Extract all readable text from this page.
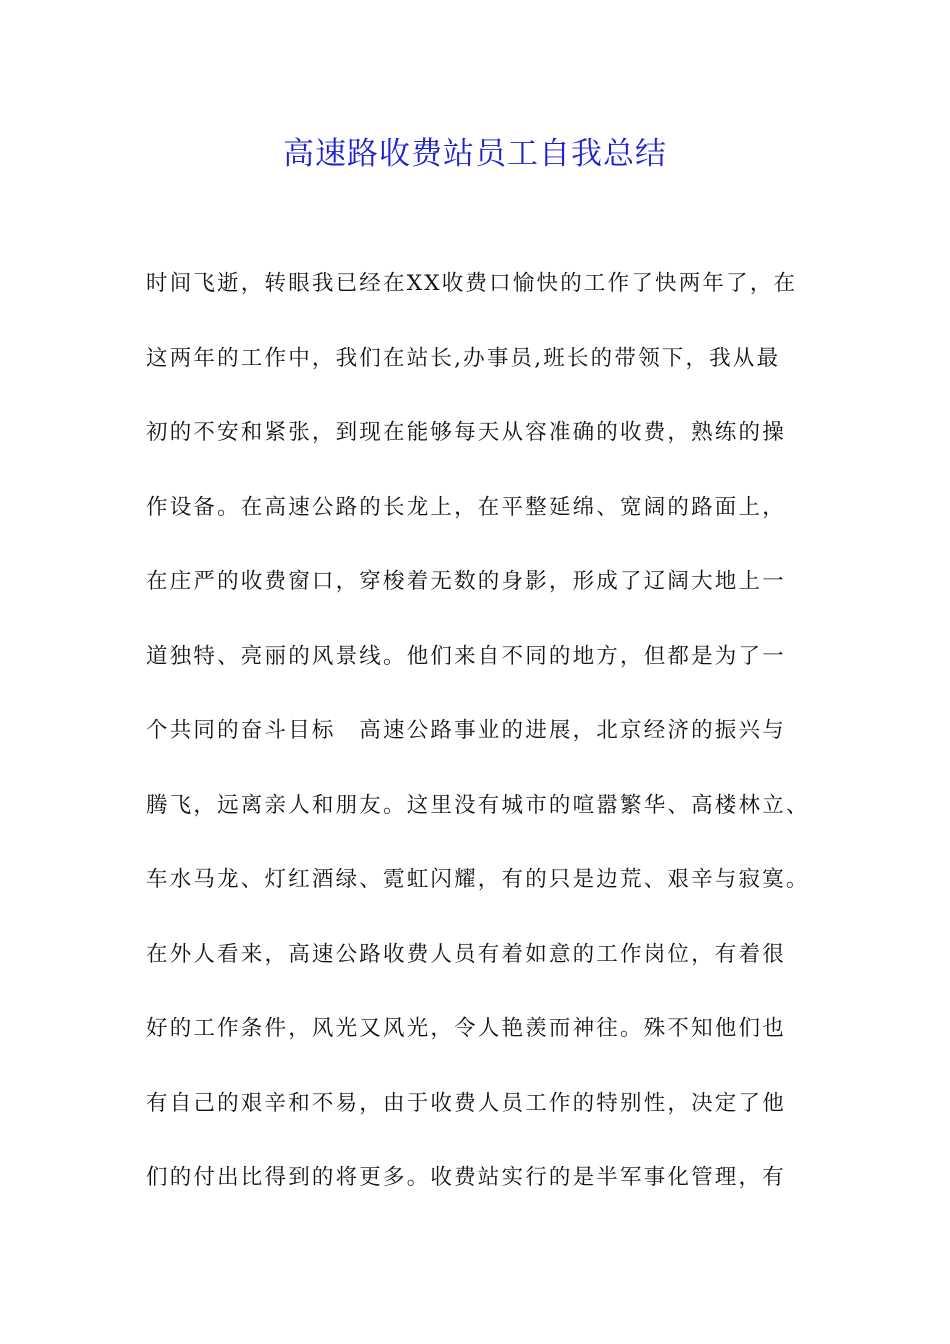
高速路收费站员工自我总结
时间飞逝，转眼我已经在XX收费口愉快的工作了快两年了，在
这两年的工作中，我们在站长,办事员,班长的带领下，我从最
初的不安和紧张，到现在能够每天从容准确的收费，熟练的操
作设备。在高速公路的长龙上，在平整延绵、宽阔的路面上，
在庄严的收费窗口，穿梭着无数的身影，形成了辽阔大地上一
道独特、亮丽的风景线。他们来自不同的地方，但都是为了一
个共同的奋斗目标　高速公路事业的进展，北京经济的振兴与
腾飞，远离亲人和朋友。这里没有城市的喧嚣繁华、高楼林立、
车水马龙、灯红酒绿、霓虹闪耀，有的只是边荒、艰辛与寂寞。
在外人看来，高速公路收费人员有着如意的工作岗位，有着很
好的工作条件，风光又风光，令人艳羡而神往。殊不知他们也
有自己的艰辛和不易，由于收费人员工作的特别性，决定了他
们的付出比得到的将更多。收费站实行的是半军事化管理，有
